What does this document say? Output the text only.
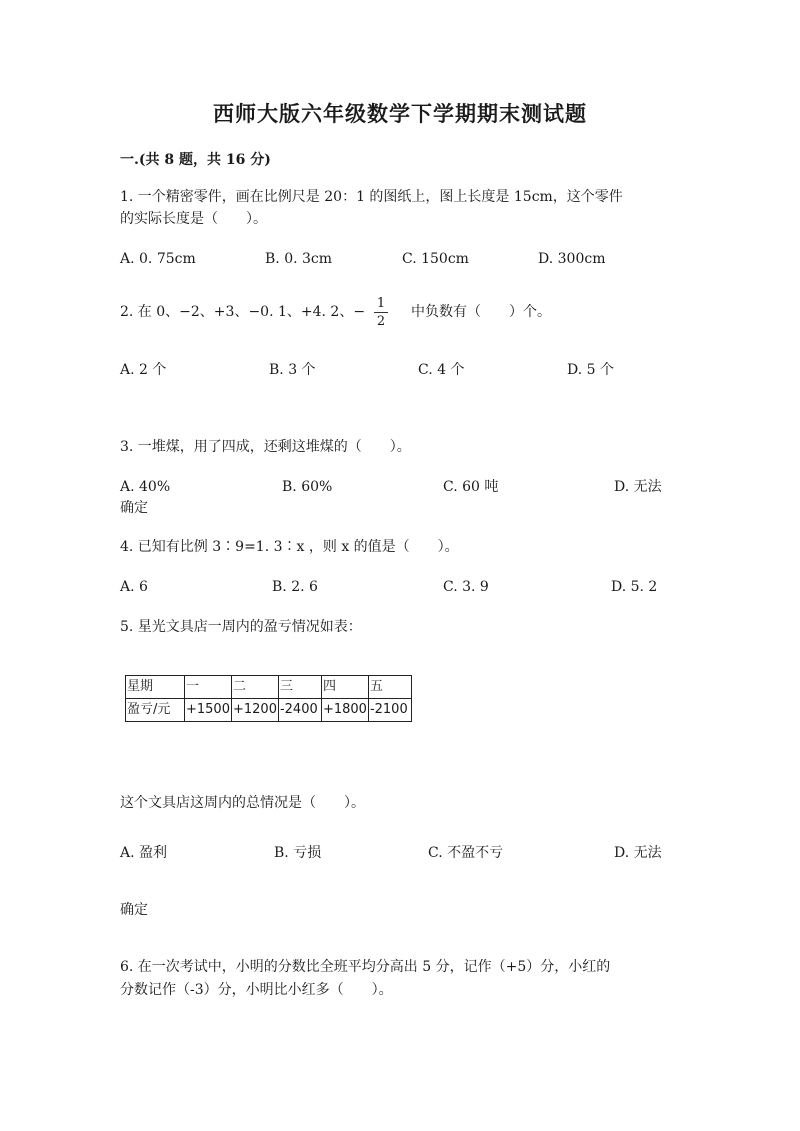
西师大版六年级数学下学期期末测试题
一.(共 8 题，共 16 分)
1. 一个精密零件，画在比例尺是 20：1 的图纸上，图上长度是 15cm，这个零件
的实际长度是（　　）。
A. 0. 75cm	B. 0. 3cm	C. 150cm	D. 300cm
2. 在 0、−2、+3、−0. 1、+4. 2、−
1
2
中负数有（　　）个。
A. 2 个	B. 3 个	C. 4 个	D. 5 个
3. 一堆煤，用了四成，还剩这堆煤的（　　）。
A. 40%	B. 60%	C. 60 吨	D. 无法
确定
4. 已知有比例 3∶9=1. 3∶x ，则 x 的值是（　　）。
A. 6	B. 2. 6	C. 3. 9	D. 5. 2
5. 星光文具店一周内的盈亏情况如表：
星期	一	二	三	四	五
盈亏/元	+1500	+1200	-2400	+1800	-2100
这个文具店这周内的总情况是（　　）。
A. 盈利	B. 亏损	C. 不盈不亏	D. 无法
确定
6. 在一次考试中，小明的分数比全班平均分高出 5 分，记作（+5）分，小红的
分数记作（-3）分，小明比小红多（　　）。
